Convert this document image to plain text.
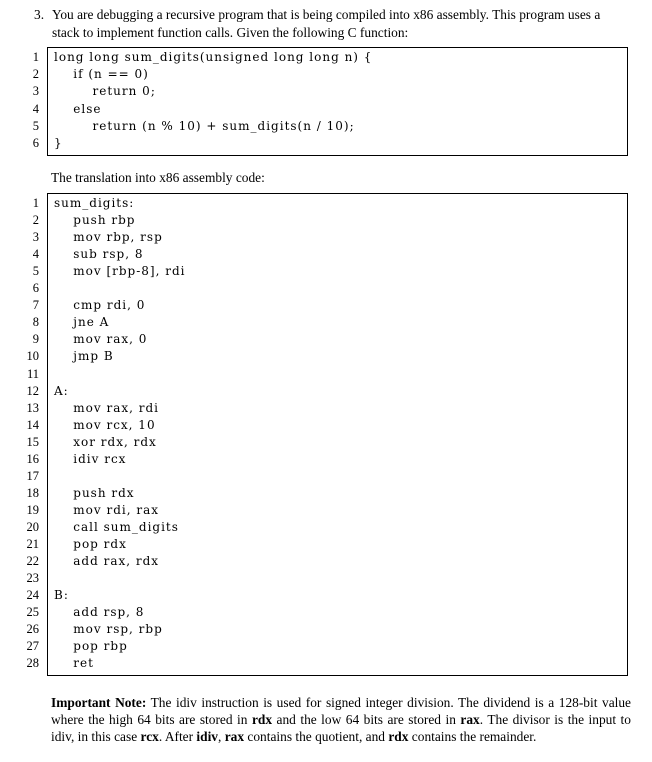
3. You are debugging a recursive program that is being compiled into x86 assembly. This program uses a
stack to implement function calls. Given the following C function:
1
2
3
4
5
6
long long sum_digits(unsigned long long n) {
if (n == 0)
return 0;
else
return (n % 10) + sum_digits(n / 10);
}
The translation into x86 assembly code:
1
2
3
4
5
6
7
8
9
10
11
12
13
14
15
16
17
18
19
20
21
22
23
24
25
26
27
28
sum_digits:
push rbp
mov rbp, rsp
sub rsp, 8
mov [rbp-8], rdi
cmp rdi, 0
jne A
mov rax, 0
jmp B
A:
mov rax, rdi
mov rcx, 10
xor rdx, rdx
idiv rcx
push rdx
mov rdi, rax
call sum_digits
pop rdx
add rax, rdx
B:
add rsp, 8
mov rsp, rbp
pop rbp
ret
Important Note: The idiv instruction is used for signed integer division. The dividend is a 128-bit value where the high 64 bits are stored in rdx and the low 64 bits are stored in rax. The divisor is the input to idiv, in this case rcx. After idiv, rax contains the quotient, and rdx contains the remainder.
